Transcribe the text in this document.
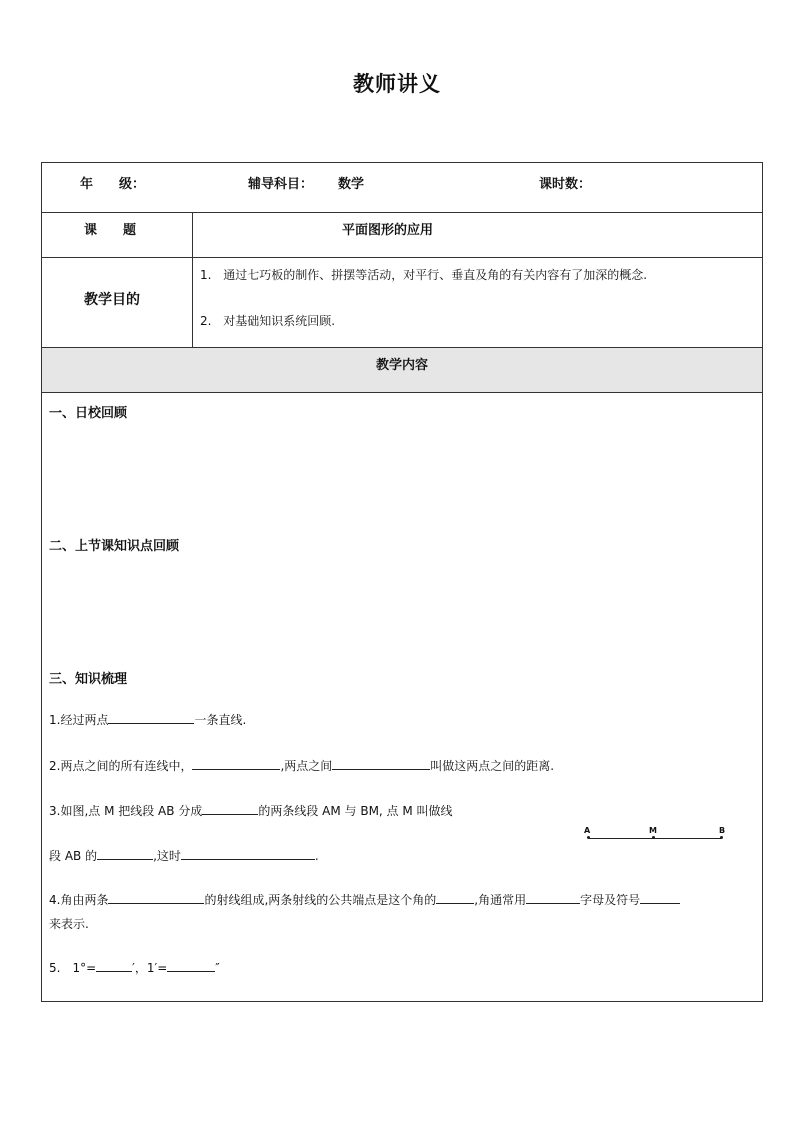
教师讲义
年　　级：	辅导科目： 数学	课时数：
课　　题	平面图形的应用
教学目的
1. 通过七巧板的制作、拼摆等活动，对平行、垂直及角的有关内容有了加深的概念.
2. 对基础知识系统回顾.
教学内容
一、日校回顾
二、上节课知识点回顾
三、知识梳理
1.经过两点	一条直线.
2.两点之间的所有连线中，	,两点之间	叫做这两点之间的距离.
3.如图,点 M 把线段 AB 分成	的两条线段 AM 与 BM, 点 M 叫做线
段 AB 的	,这时	.
A	M	B
4.角由两条	的射线组成,两条射线的公共端点是这个角的	,角通常用	字母及符号
来表示.
5.　1°=	′，1′=	″
